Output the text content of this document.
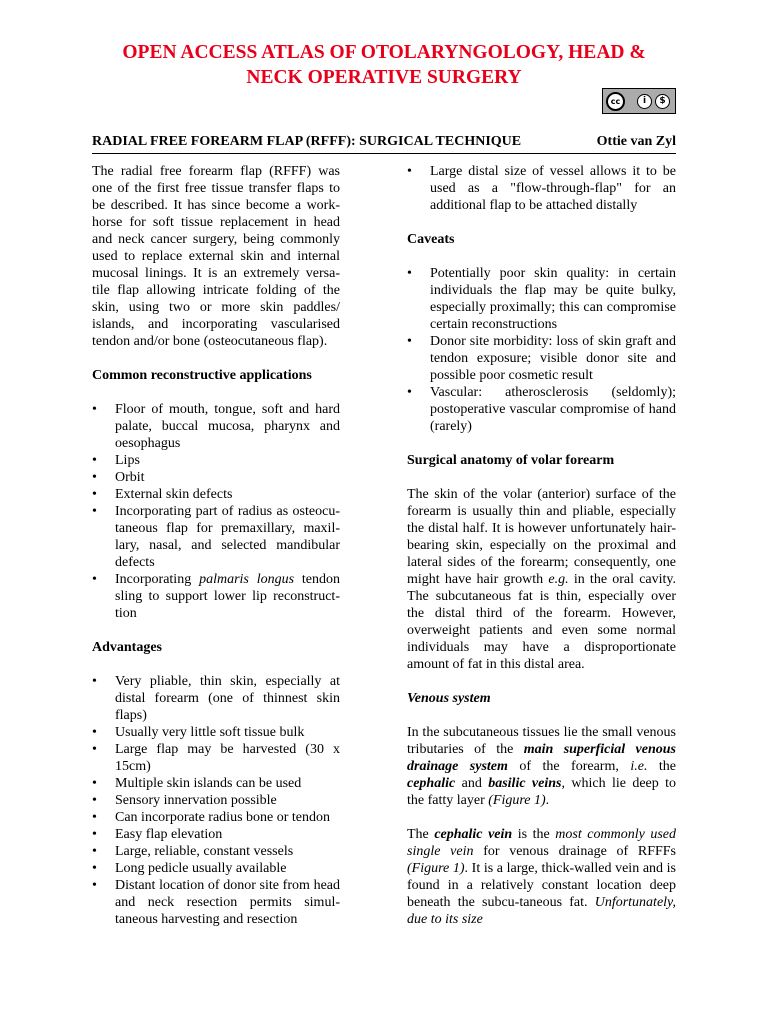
OPEN ACCESS ATLAS OF OTOLARYNGOLOGY, HEAD &
NECK OPERATIVE SURGERY
cc	i	$
RADIAL FREE FOREARM FLAP (RFFF): SURGICAL TECHNIQUE	Ottie van Zyl

The radial free forearm flap (RFFF) was one of the first free tissue transfer flaps to be described. It has since become a work-horse for soft tissue replacement in head and neck cancer surgery, being commonly used to replace external skin and internal mucosal linings. It is an extremely versa-tile flap allowing intricate folding of the skin, using two or more skin paddles/ islands, and incorporating vascularised tendon and/or bone (osteocutaneous flap).

Common reconstructive applications
• Floor of mouth, tongue, soft and hard palate, buccal mucosa, pharynx and oesophagus
• Lips
• Orbit
• External skin defects
• Incorporating part of radius as osteocu-taneous flap for premaxillary, maxil-lary, nasal, and selected mandibular defects
• Incorporating palmaris longus tendon sling to support lower lip reconstruct-tion
Advantages
• Very pliable, thin skin, especially at distal forearm (one of thinnest skin flaps)
• Usually very little soft tissue bulk
• Large flap may be harvested (30 x 15cm)
• Multiple skin islands can be used
• Sensory innervation possible
• Can incorporate radius bone or tendon
• Easy flap elevation
• Large, reliable, constant vessels
• Long pedicle usually available
• Distant location of donor site from head and neck resection permits simul-taneous harvesting and resection
• Large distal size of vessel allows it to be used as a "flow-through-flap" for an additional flap to be attached distally
Caveats
• Potentially poor skin quality: in certain individuals the flap may be quite bulky, especially proximally; this can compromise certain reconstructions
• Donor site morbidity: loss of skin graft and tendon exposure; visible donor site and possible poor cosmetic result
• Vascular: atherosclerosis (seldomly); postoperative vascular compromise of hand (rarely)
Surgical anatomy of volar forearm

The skin of the volar (anterior) surface of the forearm is usually thin and pliable, especially the distal half. It is however unfortunately hair-bearing skin, especially on the proximal and lateral sides of the forearm; consequently, one might have hair growth e.g. in the oral cavity. The subcutaneous fat is thin, especially over the distal third of the forearm. However, overweight patients and even some normal individuals may have a disproportionate amount of fat in this distal area.

Venous system

In the subcutaneous tissues lie the small venous tributaries of the main superficial venous drainage system of the forearm, i.e. the cephalic and basilic veins, which lie deep to the fatty layer (Figure 1).

The cephalic vein is the most commonly used single vein for venous drainage of RFFFs (Figure 1). It is a large, thick-walled vein and is found in a relatively constant location deep beneath the subcu-taneous fat. Unfortunately, due to its size
